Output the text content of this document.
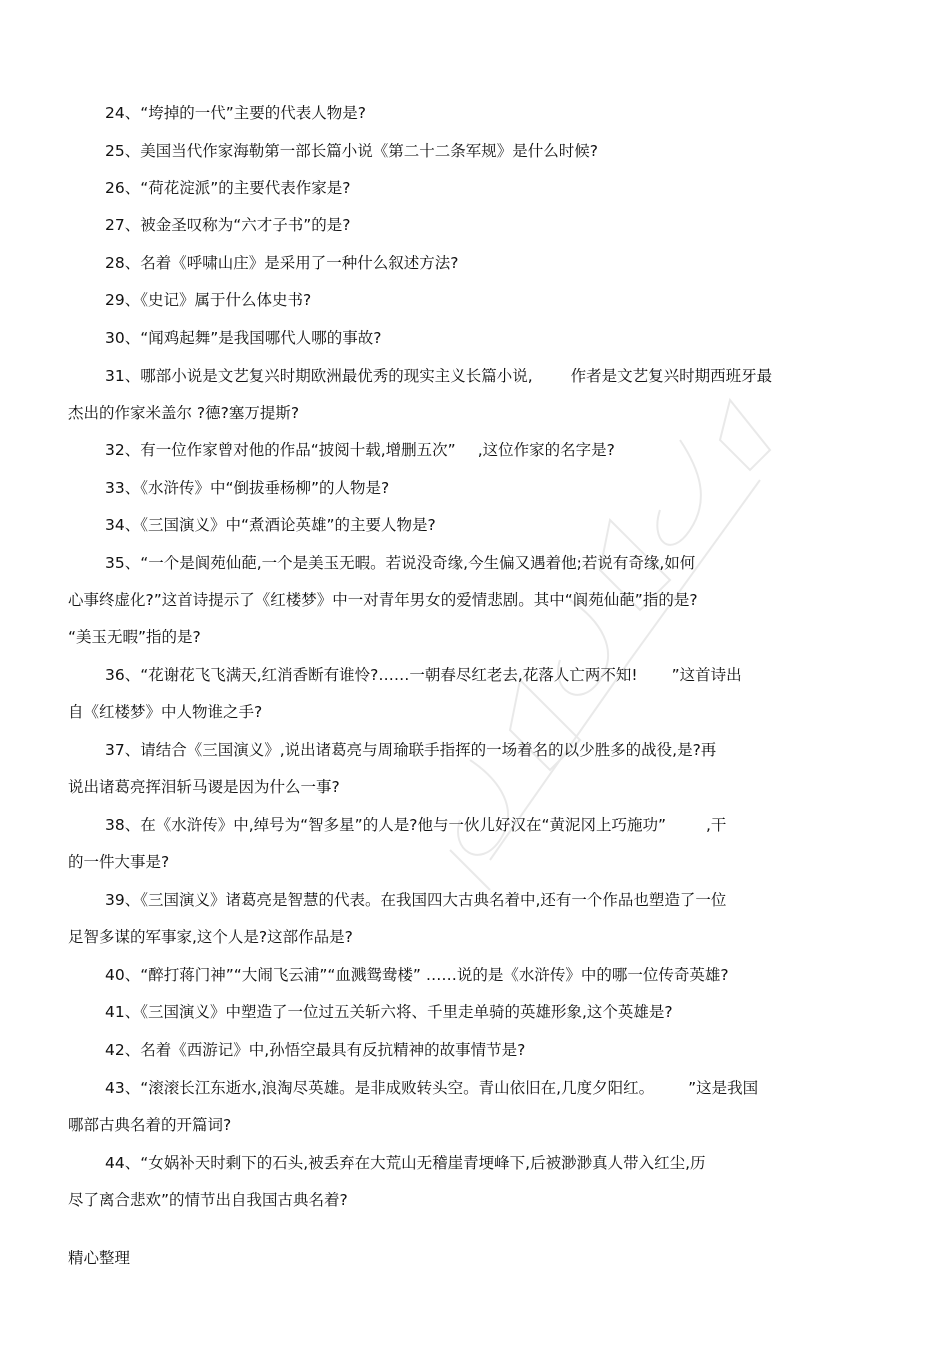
24、“垮掉的一代”主要的代表人物是?
25、美国当代作家海勒第一部长篇小说《第二十二条军规》是什么时候?
26、“荷花淀派”的主要代表作家是?
27、被金圣叹称为“六才子书”的是?
28、名着《呼啸山庄》是采用了一种什么叙述方法?
29、《史记》属于什么体史书?
30、“闻鸡起舞”是我国哪代人哪的事故?
31、哪部小说是文艺复兴时期欧洲最优秀的现实主义长篇小说, 作者是文艺复兴时期西班牙最
杰出的作家米盖尔 ?德?塞万提斯?
32、有一位作家曾对他的作品“披阅十载,增删五次” ,这位作家的名字是?
33、《水浒传》中“倒拔垂杨柳”的人物是?
34、《三国演义》中“煮酒论英雄”的主要人物是?
35、“一个是阆苑仙葩,一个是美玉无暇。若说没奇缘,今生偏又遇着他;若说有奇缘,如何
心事终虚化?”这首诗提示了《红楼梦》中一对青年男女的爱情悲剧。其中“阆苑仙葩”指的是?
“美玉无暇”指的是?
36、“花谢花飞飞满天,红消香断有谁怜?……一朝春尽红老去,花落人亡两不知! ”这首诗出
自《红楼梦》中人物谁之手?
37、请结合《三国演义》,说出诸葛亮与周瑜联手指挥的一场着名的以少胜多的战役,是?再
说出诸葛亮挥泪斩马谡是因为什么一事?
38、在《水浒传》中,绰号为“智多星”的人是?他与一伙儿好汉在“黄泥冈上巧施功”	,干
的一件大事是?
39、《三国演义》诸葛亮是智慧的代表。在我国四大古典名着中,还有一个作品也塑造了一位
足智多谋的军事家,这个人是?这部作品是?
40、“醉打蒋门神”“大闹飞云浦”“血溅鸳鸯楼” ……说的是《水浒传》中的哪一位传奇英雄?
41、《三国演义》中塑造了一位过五关斩六将、千里走单骑的英雄形象,这个英雄是?
42、名着《西游记》中,孙悟空最具有反抗精神的故事情节是?
43、“滚滚长江东逝水,浪淘尽英雄。是非成败转头空。青山依旧在,几度夕阳红。 ”这是我国
哪部古典名着的开篇词?
44、“女娲补天时剩下的石头,被丢弃在大荒山无稽崖青埂峰下,后被渺渺真人带入红尘,历
尽了离合悲欢”的情节出自我国古典名着?
精心整理
